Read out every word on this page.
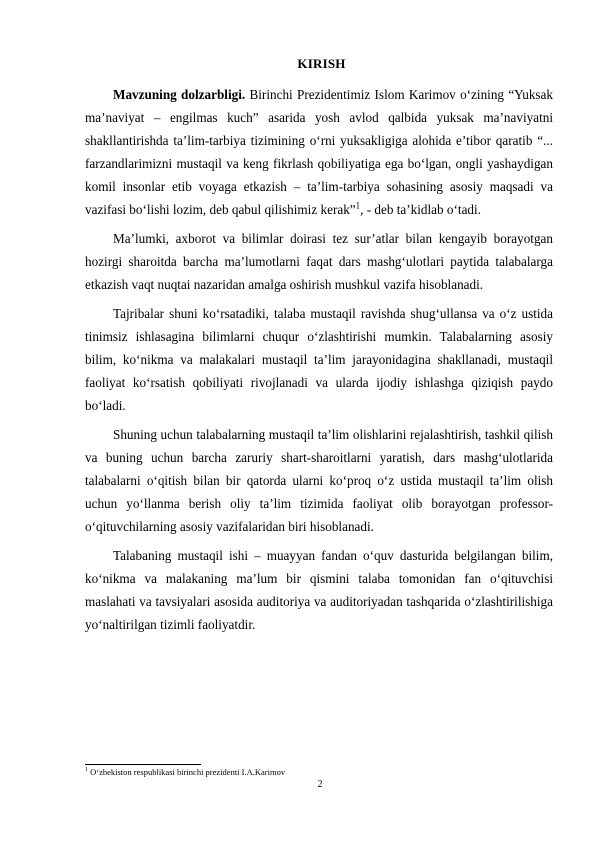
KIRISH

Mavzuning dolzarbligi. Birinchi Prezidentimiz Islom Karimov o‘zining “Yuksak ma’naviyat – engilmas kuch” asarida yosh avlod qalbida yuksak ma’naviyatni shakllantirishda ta’lim-tarbiya tizimining o‘rni yuksakligiga alohida e’tibor qaratib “... farzandlarimizni mustaqil va keng fikrlash qobiliyatiga ega bo‘lgan, ongli yashaydigan komil insonlar etib voyaga etkazish – ta’lim-tarbiya sohasining asosiy maqsadi va vazifasi bo‘lishi lozim, deb qabul qilishimiz kerak”$^1$, - deb ta’kidlab o‘tadi.

Ma’lumki, axborot va bilimlar doirasi tez sur’atlar bilan kengayib borayotgan hozirgi sharoitda barcha ma’lumotlarni faqat dars mashg‘ulotlari paytida talabalarga etkazish vaqt nuqtai nazaridan amalga oshirish mushkul vazifa hisoblanadi.

Tajribalar shuni ko‘rsatadiki, talaba mustaqil ravishda shug‘ullansa va o‘z ustida tinimsiz ishlasagina bilimlarni chuqur o‘zlashtirishi mumkin. Talabalarning asosiy bilim, ko‘nikma va malakalari mustaqil ta’lim jarayonidagina shakllanadi, mustaqil faoliyat ko‘rsatish qobiliyati rivojlanadi va ularda ijodiy ishlashga qiziqish paydo bo‘ladi.

Shuning uchun talabalarning mustaqil ta’lim olishlarini rejalashtirish, tashkil qilish va buning uchun barcha zaruriy shart-sharoitlarni yaratish, dars mashg‘ulotlarida talabalarni o‘qitish bilan bir qatorda ularni ko‘proq o‘z ustida mustaqil ta’lim olish uchun yo‘llanma berish oliy ta’lim tizimida faoliyat olib borayotgan professor-o‘qituvchilarning asosiy vazifalaridan biri hisoblanadi.

Talabaning mustaqil ishi – muayyan fandan o‘quv dasturida belgilangan bilim, ko‘nikma va malakaning ma’lum bir qismini talaba tomonidan fan o‘qituvchisi maslahati va tavsiyalari asosida auditoriya va auditoriyadan tashqarida o‘zlashtirilishiga yo‘naltirilgan tizimli faoliyatdir.

$^1$ O‘zbekiston respublikasi birinchi prezidenti I.A.Karimov
2
